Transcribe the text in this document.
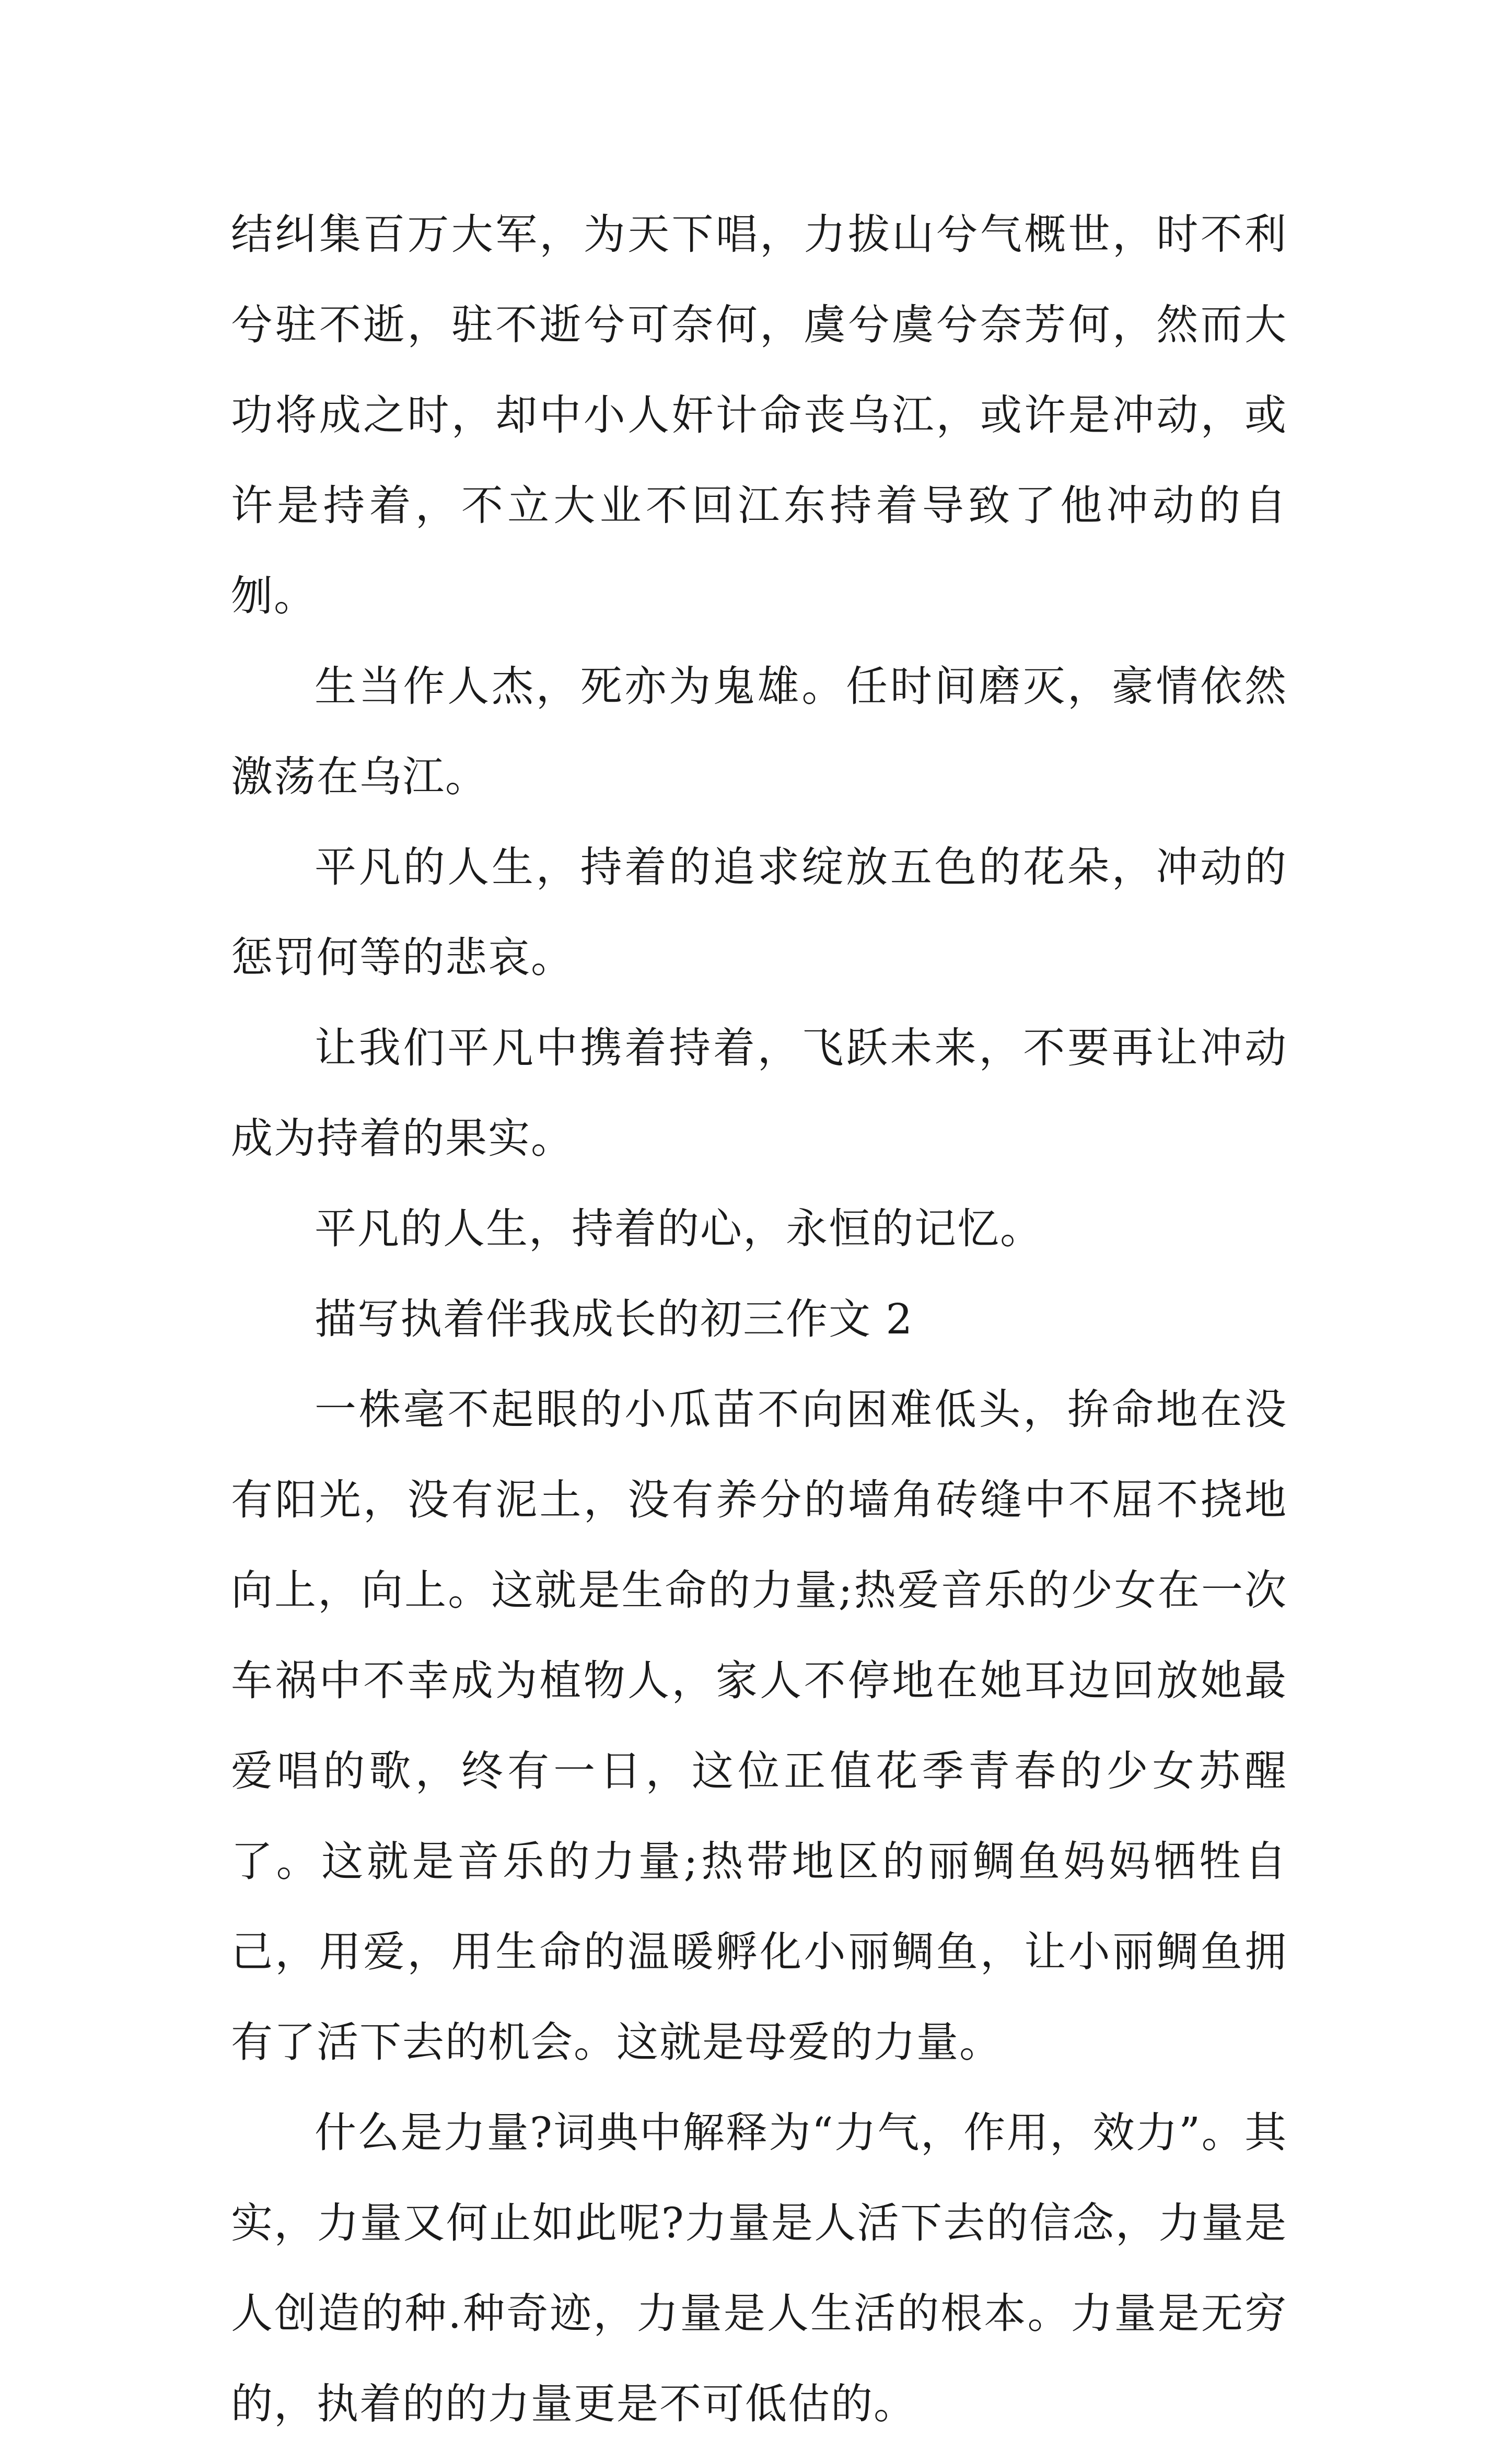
结纠集百万大军，为天下唱，力拔山兮气概世，时不利兮驻不逝，驻不逝兮可奈何，虞兮虞兮奈芳何，然而大功将成之时，却中小人奸计命丧乌江，或许是冲动，或许是持着，不立大业不回江东持着导致了他冲动的自刎。

生当作人杰，死亦为鬼雄。任时间磨灭，豪情依然激荡在乌江。

平凡的人生，持着的追求绽放五色的花朵，冲动的惩罚何等的悲哀。

让我们平凡中携着持着，飞跃未来，不要再让冲动成为持着的果实。

平凡的人生，持着的心，永恒的记忆。

描写执着伴我成长的初三作文 2

一株毫不起眼的小瓜苗不向困难低头，拚命地在没有阳光，没有泥土，没有养分的墙角砖缝中不屈不挠地向上，向上。这就是生命的力量;热爱音乐的少女在一次车祸中不幸成为植物人，家人不停地在她耳边回放她最爱唱的歌，终有一日，这位正值花季青春的少女苏醒了。这就是音乐的力量;热带地区的丽鲷鱼妈妈牺牲自己，用爱，用生命的温暖孵化小丽鲷鱼，让小丽鲷鱼拥有了活下去的机会。这就是母爱的力量。

什么是力量?词典中解释为“力气，作用，效力”。其实，力量又何止如此呢?力量是人活下去的信念，力量是人创造的种.种奇迹，力量是人生活的根本。力量是无穷的，执着的的力量更是不可低估的。
